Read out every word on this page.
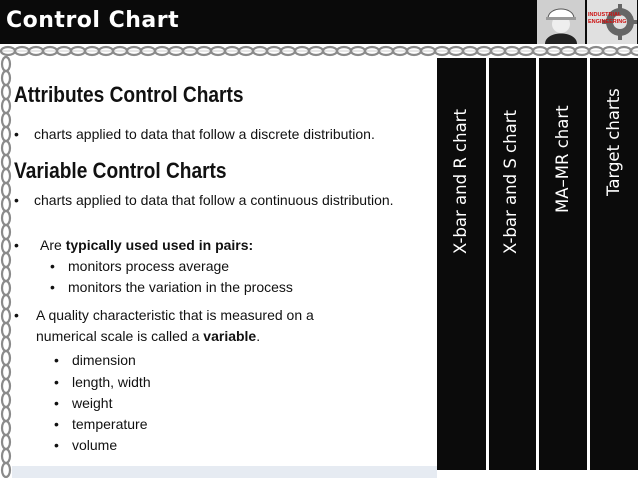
Control Chart	INDUSTRIAL
ENGINEERING
Attributes Control Charts
• charts applied to data that follow a discrete distribution.
Variable Control Charts
• charts applied to data that follow a continuous distribution.
• Are typically used used in pairs:
• monitors process average
• monitors the variation in the process
• A quality characteristic that is measured on a
numerical scale is called a variable.
• dimension
• length, width
• weight
• temperature
• volume
X-bar and R chart X-bar and S chart MA–MR chart Target charts
